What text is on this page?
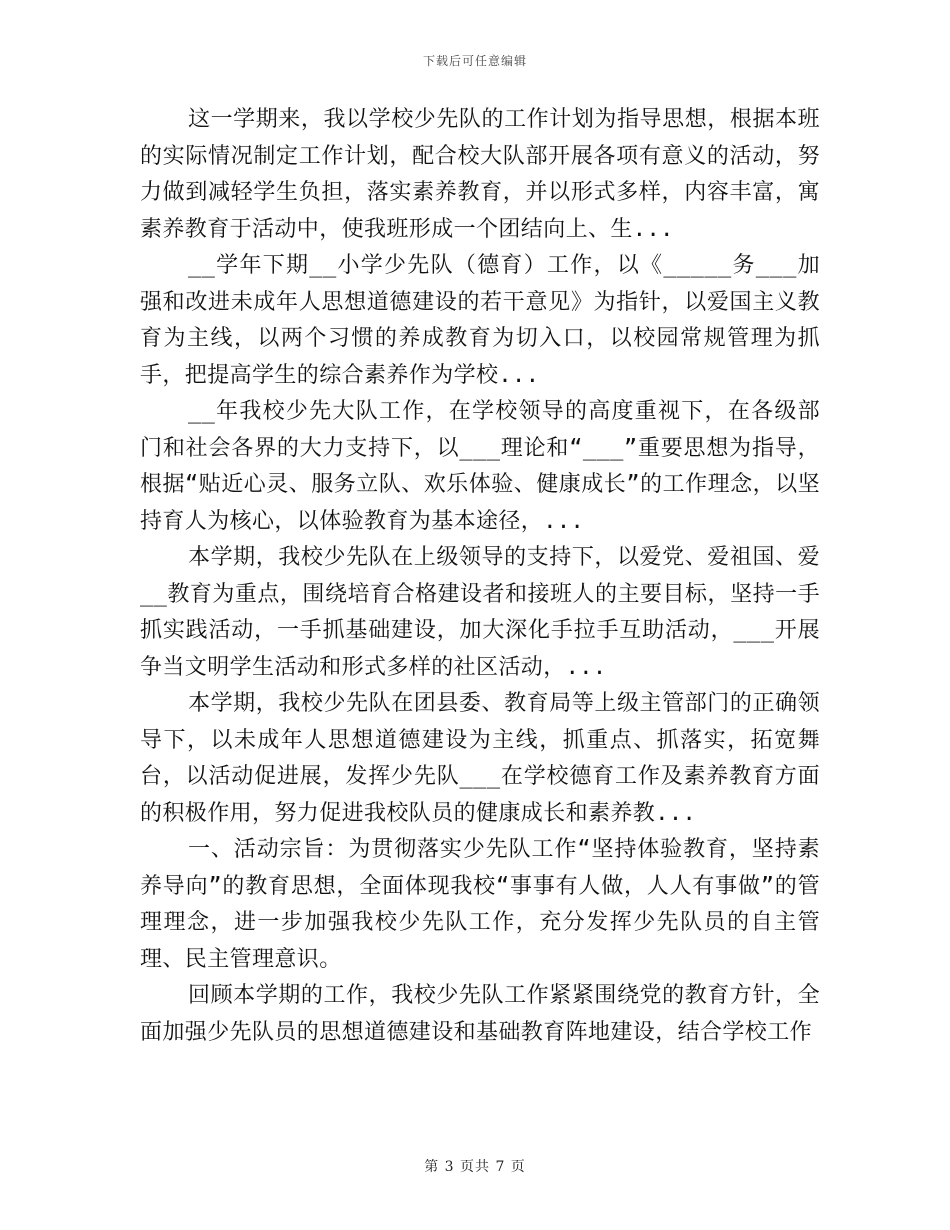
下载后可任意编辑

这一学期来，我以学校少先队的工作计划为指导思想，根据本班的实际情况制定工作计划，配合校大队部开展各项有意义的活动，努力做到减轻学生负担，落实素养教育，并以形式多样，内容丰富，寓素养教育于活动中，使我班形成一个团结向上、生...

__学年下期__小学少先队（德育）工作，以《_____务___加强和改进未成年人思想道德建设的若干意见》为指针，以爱国主义教育为主线，以两个习惯的养成教育为切入口，以校园常规管理为抓手，把提高学生的综合素养作为学校...

__年我校少先大队工作，在学校领导的高度重视下，在各级部门和社会各界的大力支持下，以___理论和“___”重要思想为指导，根据“贴近心灵、服务立队、欢乐体验、健康成长”的工作理念，以坚持育人为核心，以体验教育为基本途径，...

本学期，我校少先队在上级领导的支持下，以爱党、爱祖国、爱__教育为重点，围绕培育合格建设者和接班人的主要目标，坚持一手抓实践活动，一手抓基础建设，加大深化手拉手互助活动，___开展争当文明学生活动和形式多样的社区活动，...

本学期，我校少先队在团县委、教育局等上级主管部门的正确领导下，以未成年人思想道德建设为主线，抓重点、抓落实，拓宽舞台，以活动促进展，发挥少先队___在学校德育工作及素养教育方面的积极作用，努力促进我校队员的健康成长和素养教...

一、活动宗旨：为贯彻落实少先队工作“坚持体验教育，坚持素养导向”的教育思想，全面体现我校“事事有人做，人人有事做”的管理理念，进一步加强我校少先队工作，充分发挥少先队员的自主管理、民主管理意识。

回顾本学期的工作，我校少先队工作紧紧围绕党的教育方针，全面加强少先队员的思想道德建设和基础教育阵地建设，结合学校工作

第 3 页共 7 页
